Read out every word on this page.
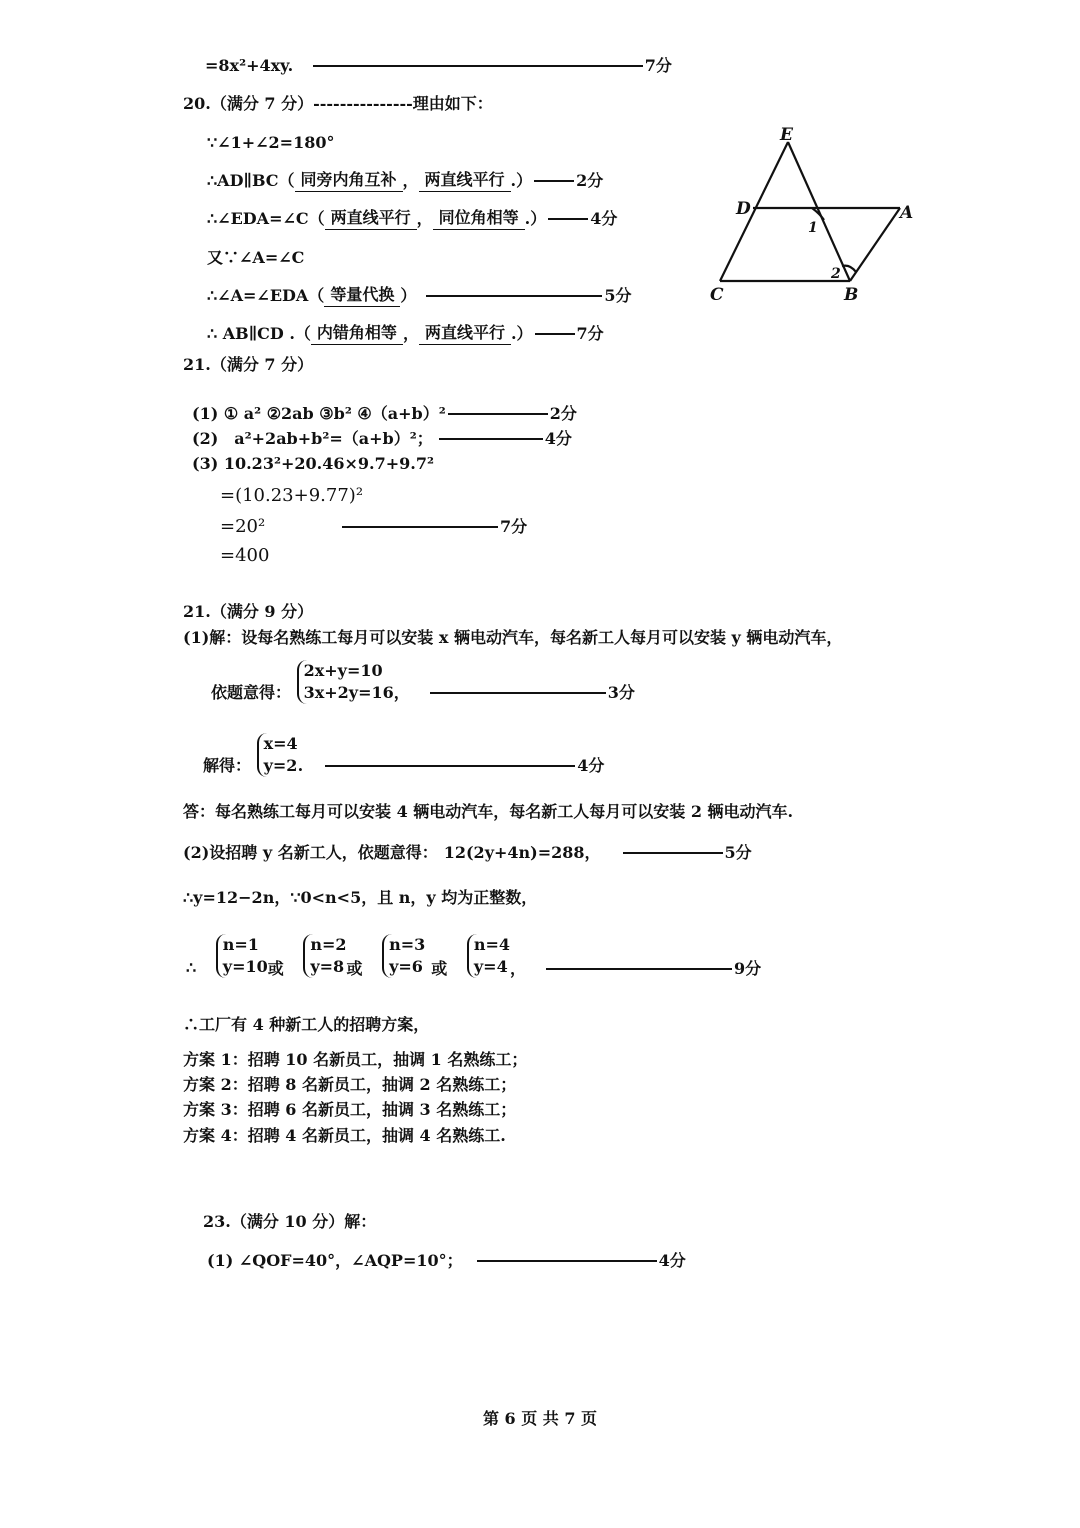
=8x²+4xy.	7分
20.（满分 7 分）---------------理由如下：
∵∠1+∠2=180°
∴AD∥BC（ 同旁内角互补 ， 两直线平行 .）	2分
∴∠EDA=∠C（ 两直线平行 ， 同位角相等 .）	4分
又∵∠A=∠C
∴∠A=∠EDA（ 等量代换 ）	5分
∴ AB∥CD .（ 内错角相等 ， 两直线平行 .）	7分
E
D	A
C	B
1
2
21.（满分 7 分）
(1) ① a² ②2ab ③b² ④（a+b）²	2分
(2)　a²+2ab+b²=（a+b）²；	4分
(3) 10.23²+20.46×9.7+9.7²
=(10.23+9.77)²
=20²	7分
=400
21.（满分 9 分）
(1)解：设每名熟练工每月可以安装 x 辆电动汽车，每名新工人每月可以安装 y 辆电动汽车，
依题意得：
2x+y=10
3x+2y=16 ，	3分
解得：
x=4
y=2 .	4分
答：每名熟练工每月可以安装 4 辆电动汽车，每名新工人每月可以安装 2 辆电动汽车.
(2)设招聘 y 名新工人，依题意得： 12(2y+4n)=288，	5分
∴y=12−2n，∵0<n<5，且 n，y 均为正整数，
∴
n=1
y=10 或
n=2
y=8 或
n=3
y=6 或
n=4
y=4 ，	9分
∴工厂有 4 种新工人的招聘方案，
方案 1：招聘 10 名新员工，抽调 1 名熟练工；
方案 2：招聘 8 名新员工，抽调 2 名熟练工；
方案 3：招聘 6 名新员工，抽调 3 名熟练工；
方案 4：招聘 4 名新员工，抽调 4 名熟练工.
23.（满分 10 分）解：
(1) ∠QOF=40°，∠AQP=10°；	4分
第 6 页 共 7 页
